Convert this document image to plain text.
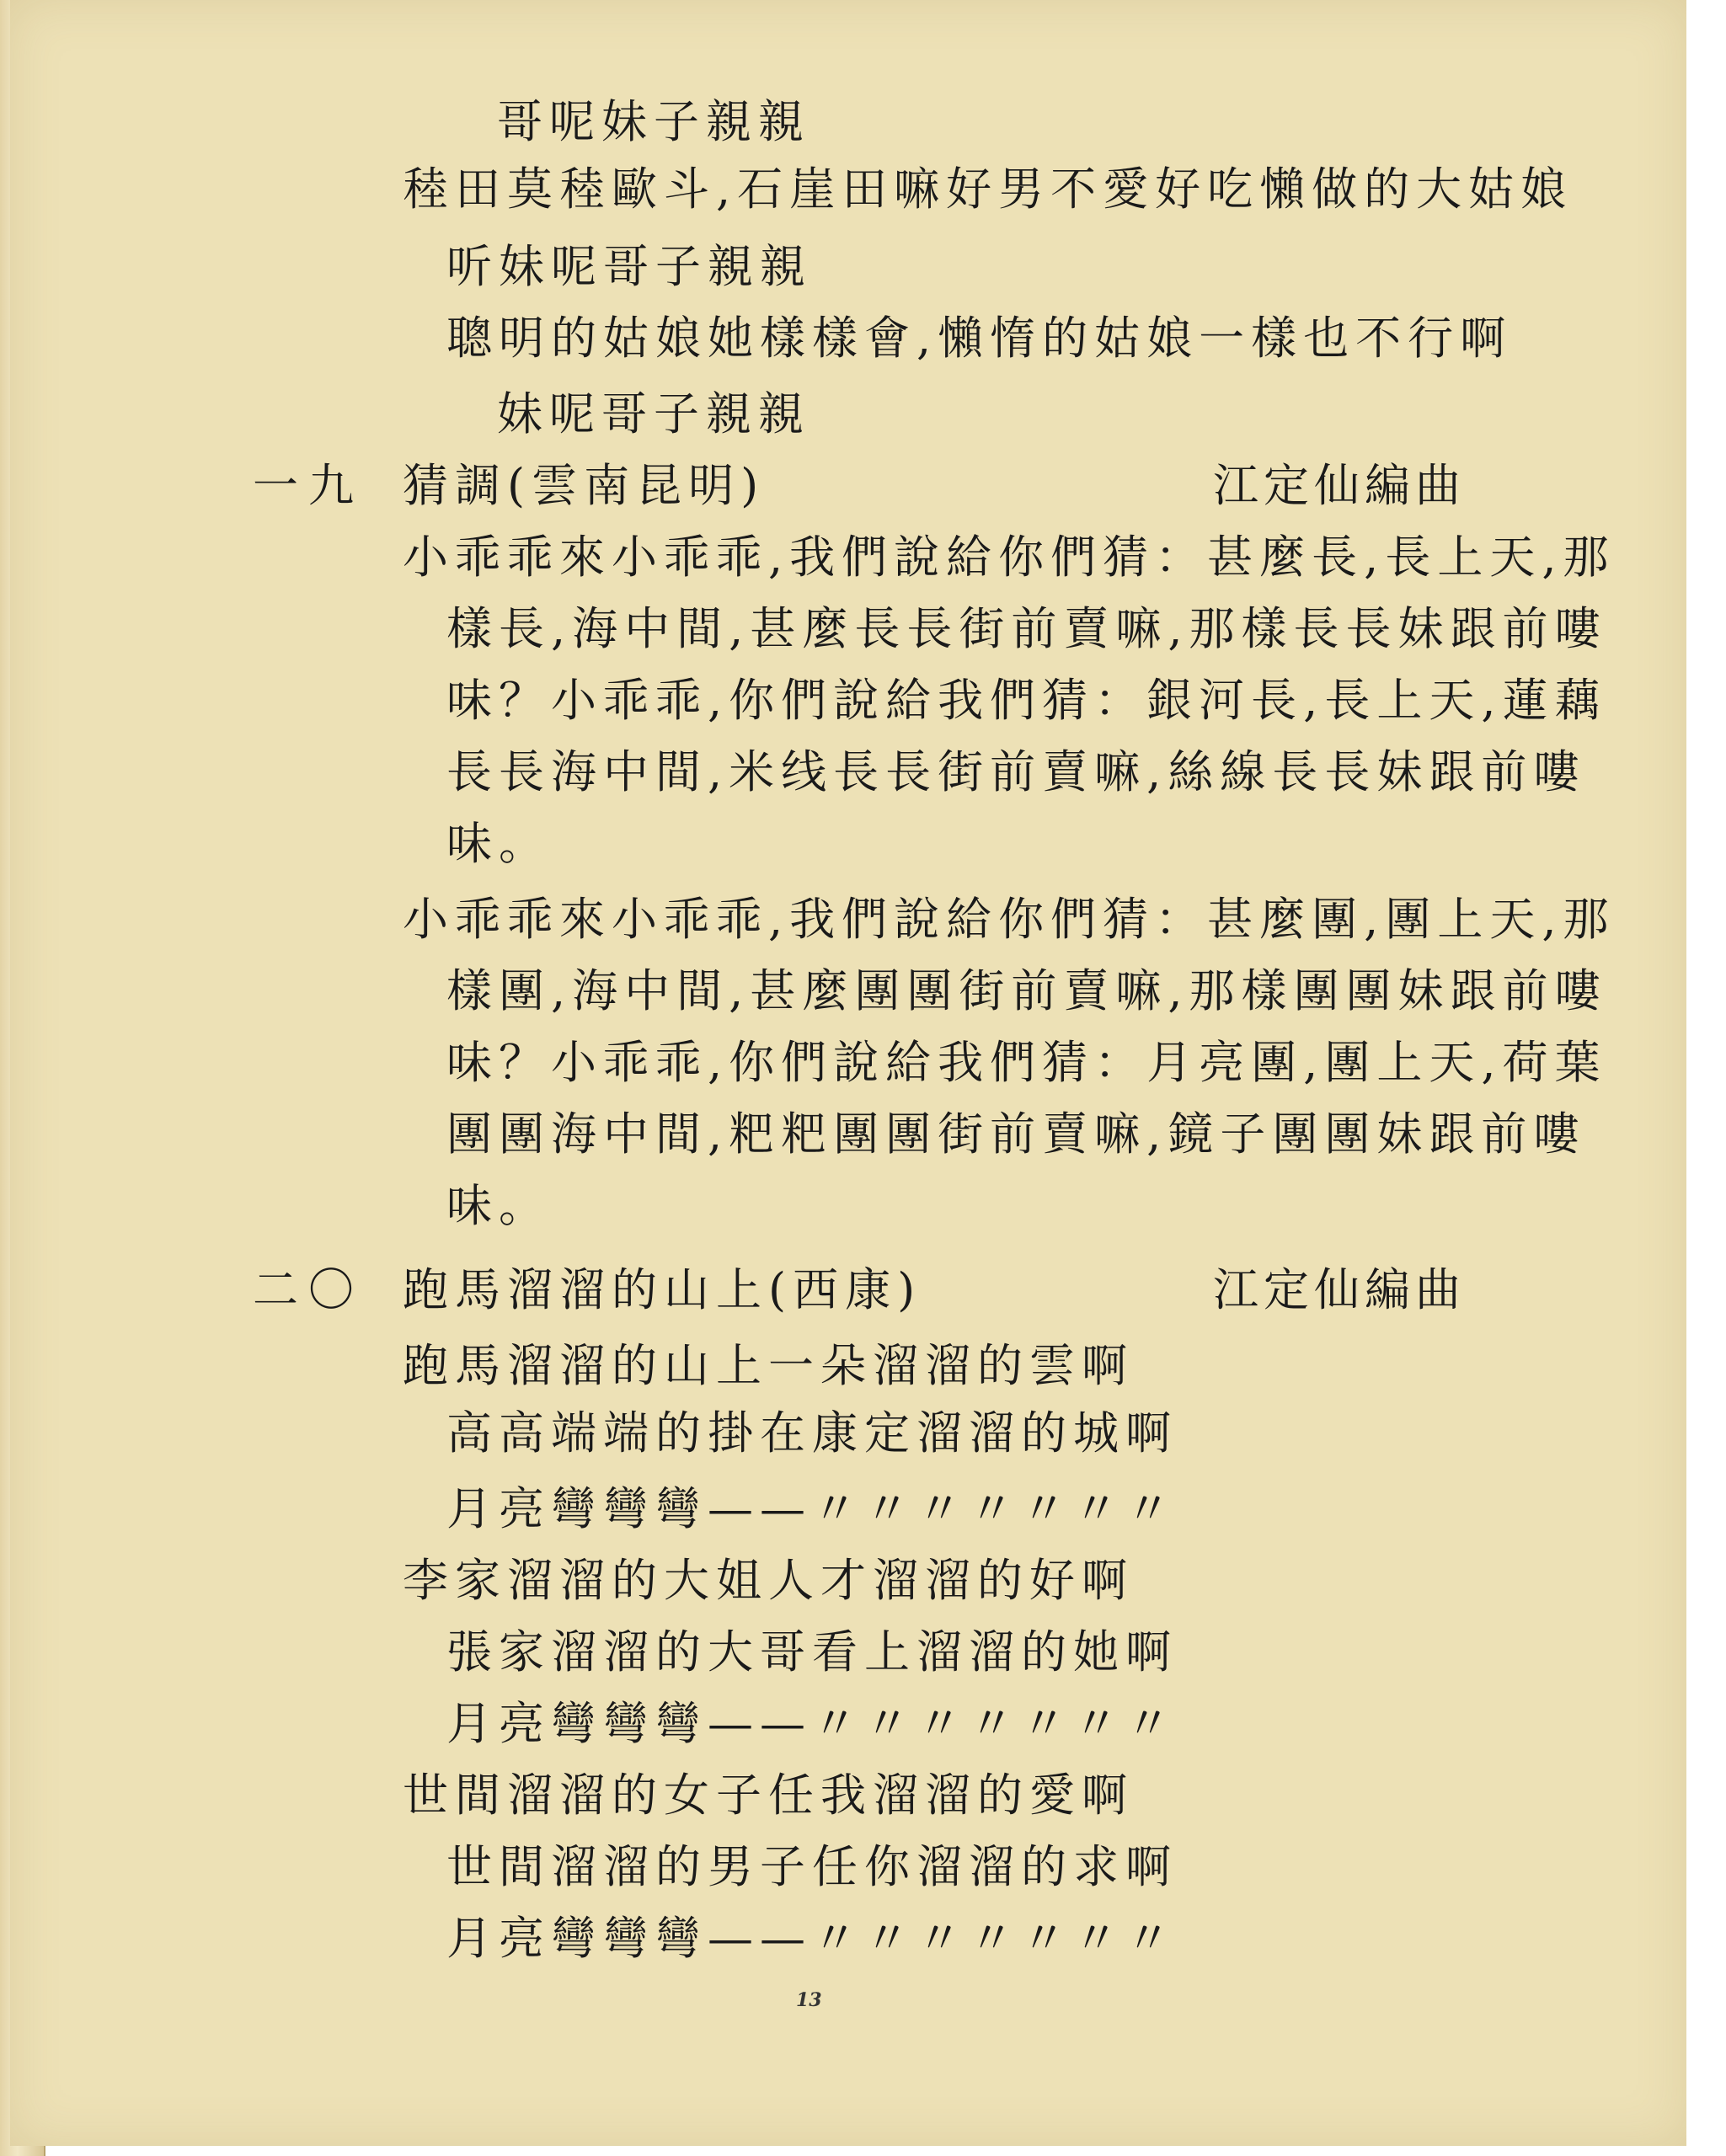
哥呢妹子親親
稑田莫稑歐斗,石崖田嘛好男不愛好吃懶做的大姑娘
听妹呢哥子親親
聰明的姑娘她樣樣會,懶惰的姑娘一樣也不行啊
妹呢哥子親親
一九 猜調(雲南昆明)	江定仙編曲
小乖乖來小乖乖,我們說給你們猜：甚麼長,長上天,那
樣長,海中間,甚麼長長街前賣嘛,那樣長長妹跟前嘍
味？小乖乖,你們說給我們猜：銀河長,長上天,蓮藕
長長海中間,米线長長街前賣嘛,絲線長長妹跟前嘍
味。
小乖乖來小乖乖,我們說給你們猜：甚麼團,團上天,那
樣團,海中間,甚麼團團街前賣嘛,那樣團團妹跟前嘍
味？小乖乖,你們說給我們猜：月亮團,團上天,荷葉
團團海中間,粑粑團團街前賣嘛,鏡子團團妹跟前嘍
味。
二〇 跑馬溜溜的山上(西康)	江定仙編曲
跑馬溜溜的山上一朵溜溜的雲啊
高高端端的掛在康定溜溜的城啊
月亮彎彎彎——〃〃〃〃〃〃〃
李家溜溜的大姐人才溜溜的好啊
張家溜溜的大哥看上溜溜的她啊
月亮彎彎彎——〃〃〃〃〃〃〃
世間溜溜的女子任我溜溜的愛啊
世間溜溜的男子任你溜溜的求啊
月亮彎彎彎——〃〃〃〃〃〃〃
13
